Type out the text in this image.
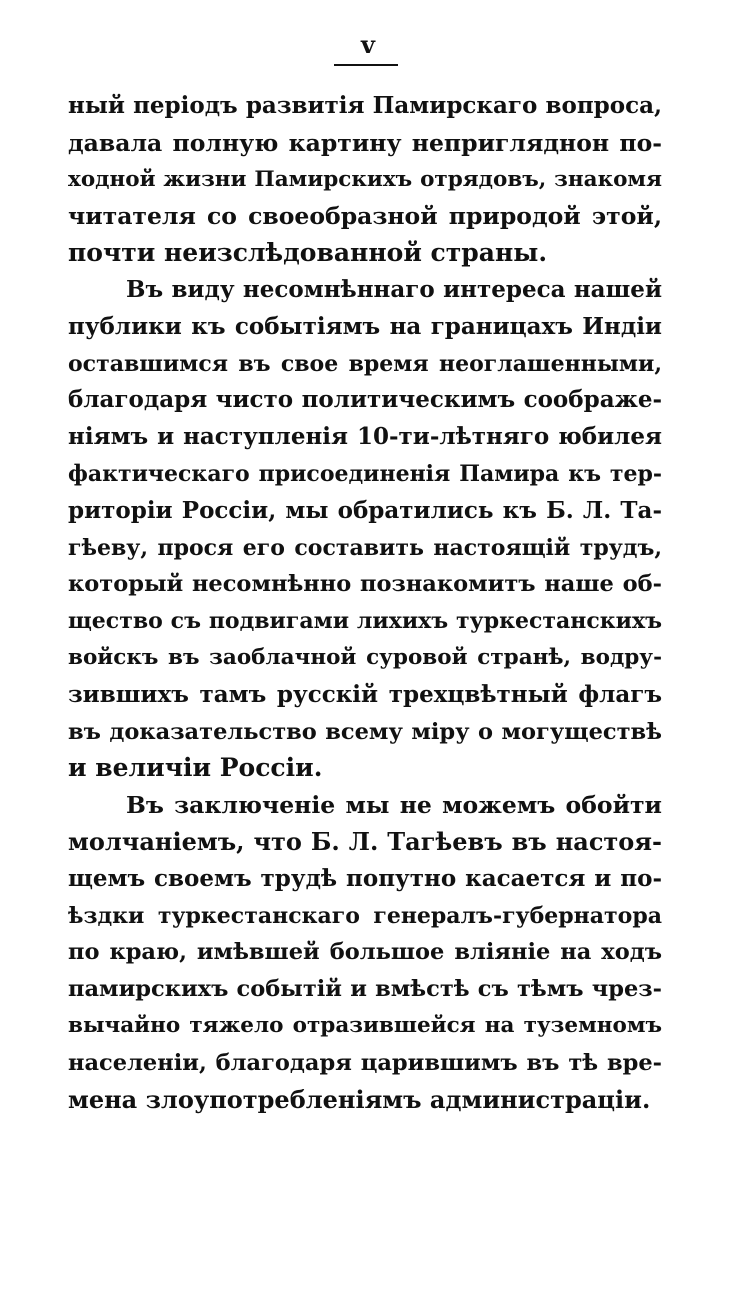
v
ный періодъ развитія Памирскаго вопроса,
давала полную картину непригляднон по-
ходной жизни Памирскихъ отрядовъ, знакомя
читателя со своеобразной природой этой,
почти неизслѣдованной страны.
Въ виду несомнѣннаго интереса нашей
публики къ событіямъ на границахъ Индіи
оставшимся въ свое время неоглашенными,
благодаря чисто политическимъ соображе-
ніямъ и наступленія 10-ти-лѣтняго юбилея
фактическаго присоединенія Памира къ тер-
риторіи Россіи, мы обратились къ Б. Л. Та-
гѣеву, прося его составить настоящій трудъ,
который несомнѣнно познакомитъ наше об-
щество съ подвигами лихихъ туркестанскихъ
войскъ въ заоблачной суровой странѣ, водру-
зившихъ тамъ русскій трехцвѣтный флагъ
въ доказательство всему міру о могуществѣ
и величіи Россіи.
Въ заключеніе мы не можемъ обойти
молчаніемъ, что Б. Л. Тагѣевъ въ настоя-
щемъ своемъ трудѣ попутно касается и по-
ѣздки туркестанскаго генералъ-губернатора
по краю, имѣвшей большое вліяніе на ходъ
памирскихъ событій и вмѣстѣ съ тѣмъ чрез-
вычайно тяжело отразившейся на туземномъ
населеніи, благодаря царившимъ въ тѣ вре-
мена злоупотребленіямъ администраціи.
